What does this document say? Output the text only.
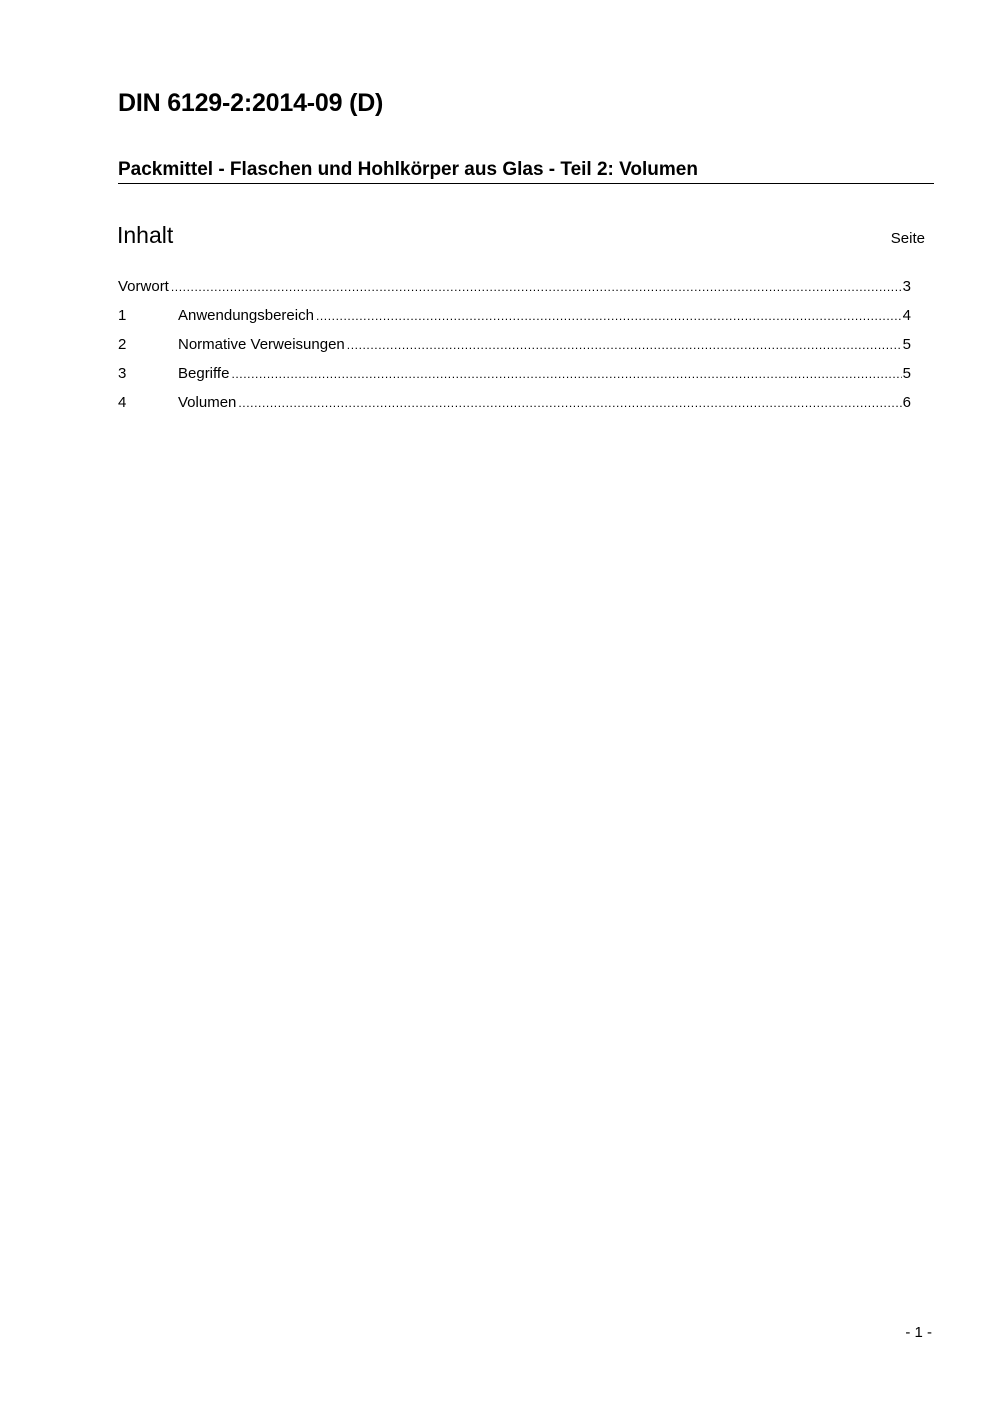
DIN 6129-2:2014-09 (D)
Packmittel - Flaschen und Hohlkörper aus Glas - Teil 2: Volumen
Inhalt	Seite
Vorwort .....	3
1	Anwendungsbereich .....	4
2	Normative Verweisungen .....	5
3	Begriffe .....	5
4	Volumen .....	6
- 1 -
